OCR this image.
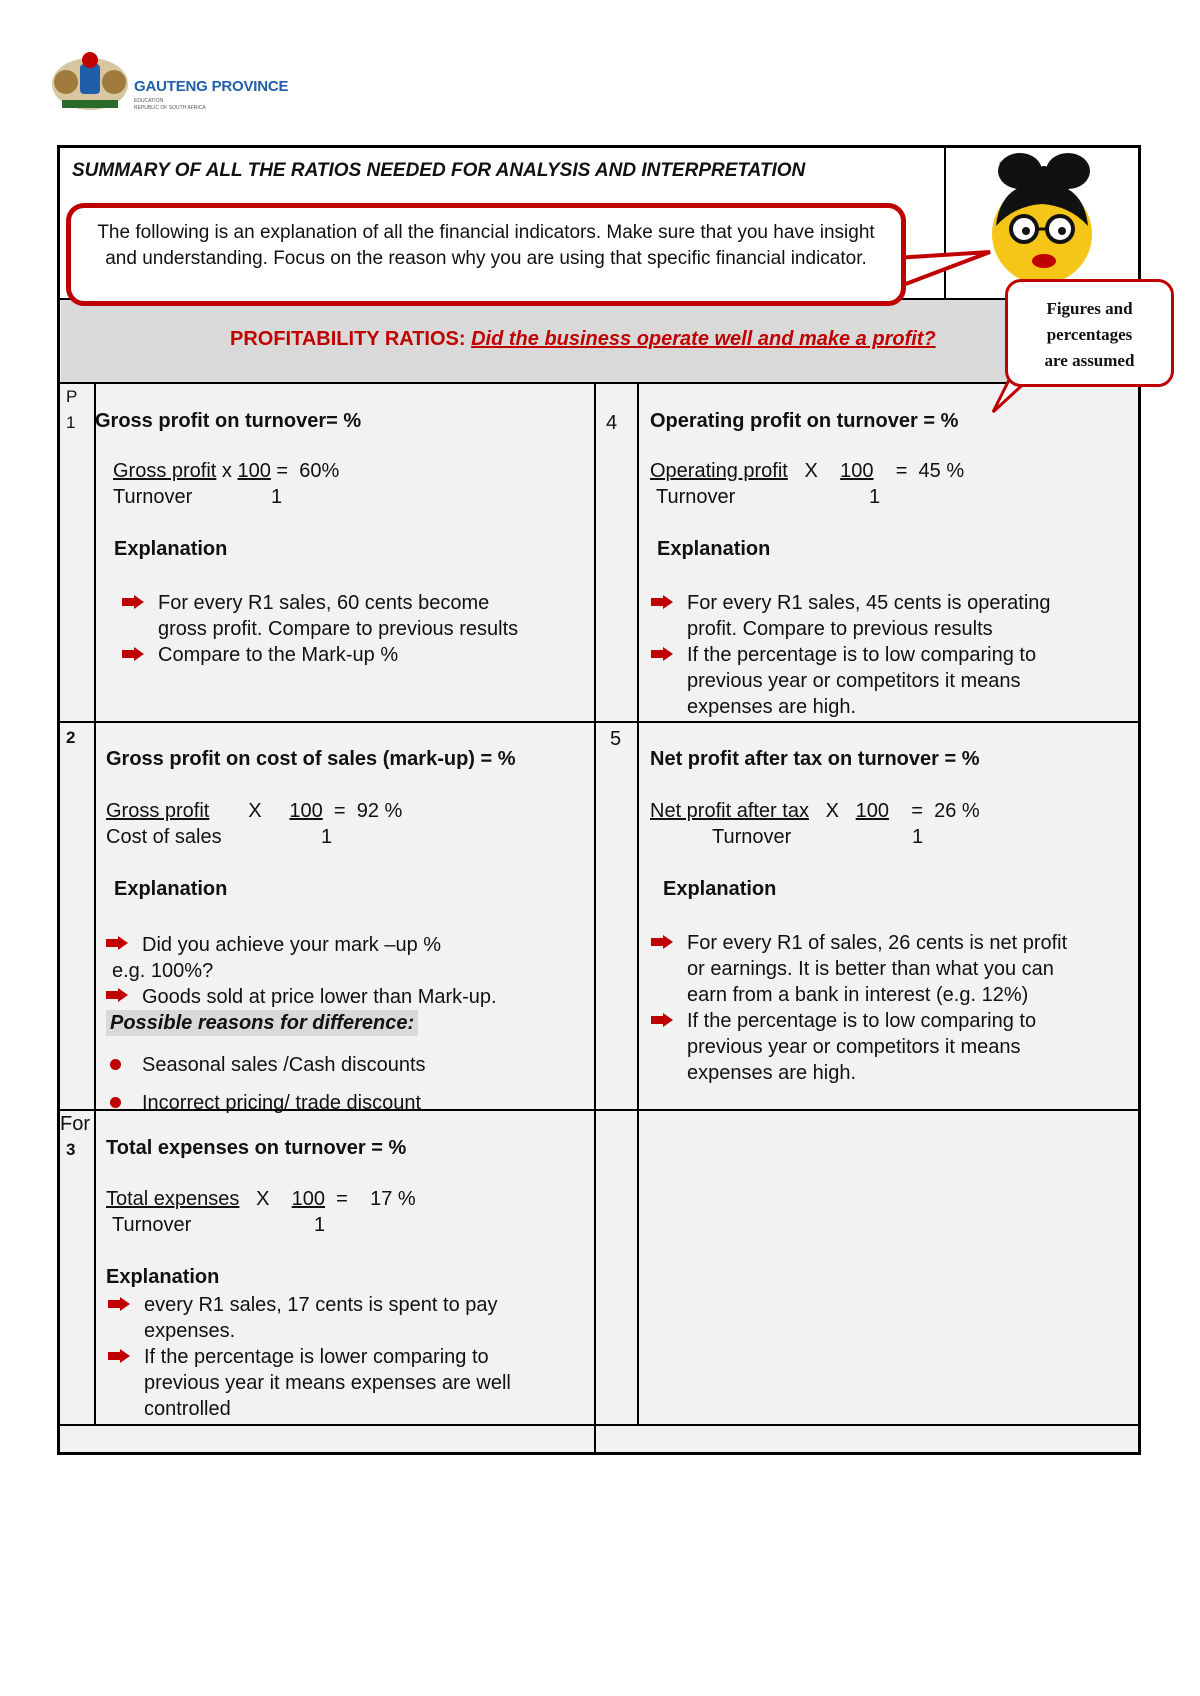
GAUTENG PROVINCE
EDUCATION
REPUBLIC OF SOUTH AFRICA
SUMMARY OF ALL THE RATIOS NEEDED FOR ANALYSIS AND INTERPRETATION
The following is an explanation of all the financial indicators. Make sure that you have insight and understanding. Focus on the reason why you are using that specific financial indicator.
Figures and
percentages
are assumed
PROFITABILITY RATIOS: Did the business operate well and make a profit?
P
1 Gross profit on turnover= %
Gross profit x 100 = 60%
Turnover	1
Explanation
For every R1 sales, 60 cents become
gross profit. Compare to previous results
Compare to the Mark-up %
4 Operating profit on turnover = %
Operating profit X 100 = 45 %
Turnover	1
Explanation
For every R1 sales, 45 cents is operating
profit. Compare to previous results
If the percentage is to low comparing to
previous year or competitors it means
expenses are high.
2
Gross profit on cost of sales (mark-up) = %
Gross profit X 100 = 92 %
Cost of sales	1
Explanation
Did you achieve your mark –up %
e.g. 100%?
Goods sold at price lower than Mark-up.
Possible reasons for difference:
Seasonal sales /Cash discounts
Incorrect pricing/ trade discount
5
Net profit after tax on turnover = %
Net profit after tax X 100 = 26 %
Turnover	1
Explanation
For every R1 of sales, 26 cents is net profit
or earnings. It is better than what you can
earn from a bank in interest (e.g. 12%)
If the percentage is to low comparing to
previous year or competitors it means
expenses are high.
For
3 Total expenses on turnover = %
Total expenses X 100 = 17 %
Turnover	1
Explanation
every R1 sales, 17 cents is spent to pay
expenses.
If the percentage is lower comparing to
previous year it means expenses are well
controlled
